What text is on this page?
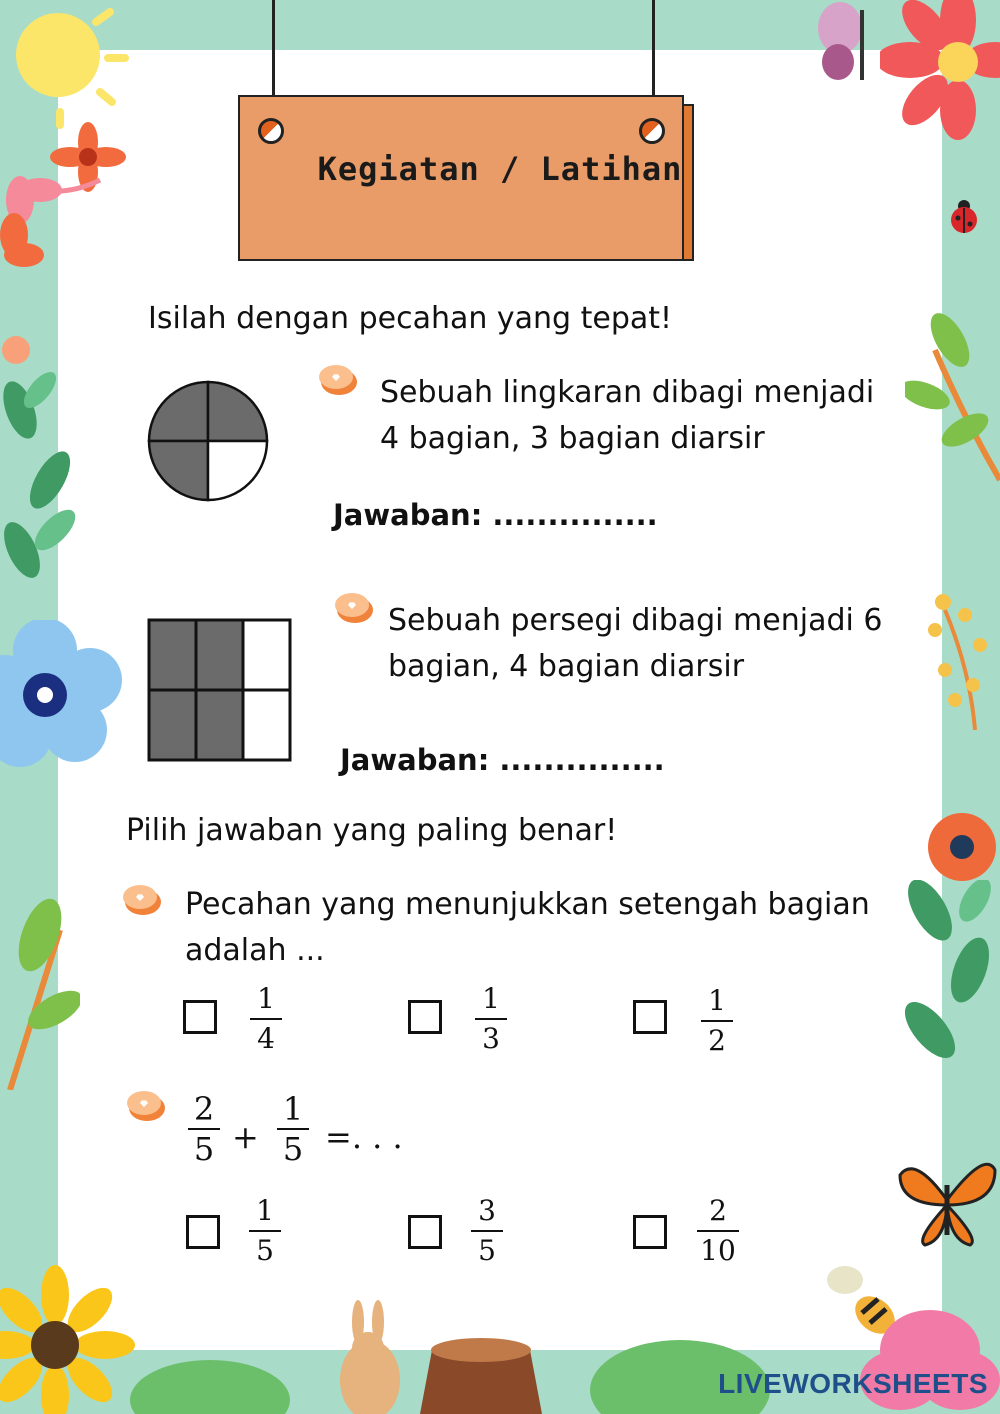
Kegiatan / Latihan
Isilah dengan pecahan yang tepat!
Sebuah lingkaran dibagi menjadi
4 bagian, 3 bagian diarsir
Jawaban: ...............
Sebuah persegi dibagi menjadi 6
bagian, 4 bagian diarsir
Jawaban: ...............
Pilih jawaban yang paling benar!
Pecahan yang menunjukkan setengah bagian
adalah ...
1
4
1
3
1
2
2
5 +
1
5 =. . .
1
5
3
5
2
10
LIVEWORKSHEETS
